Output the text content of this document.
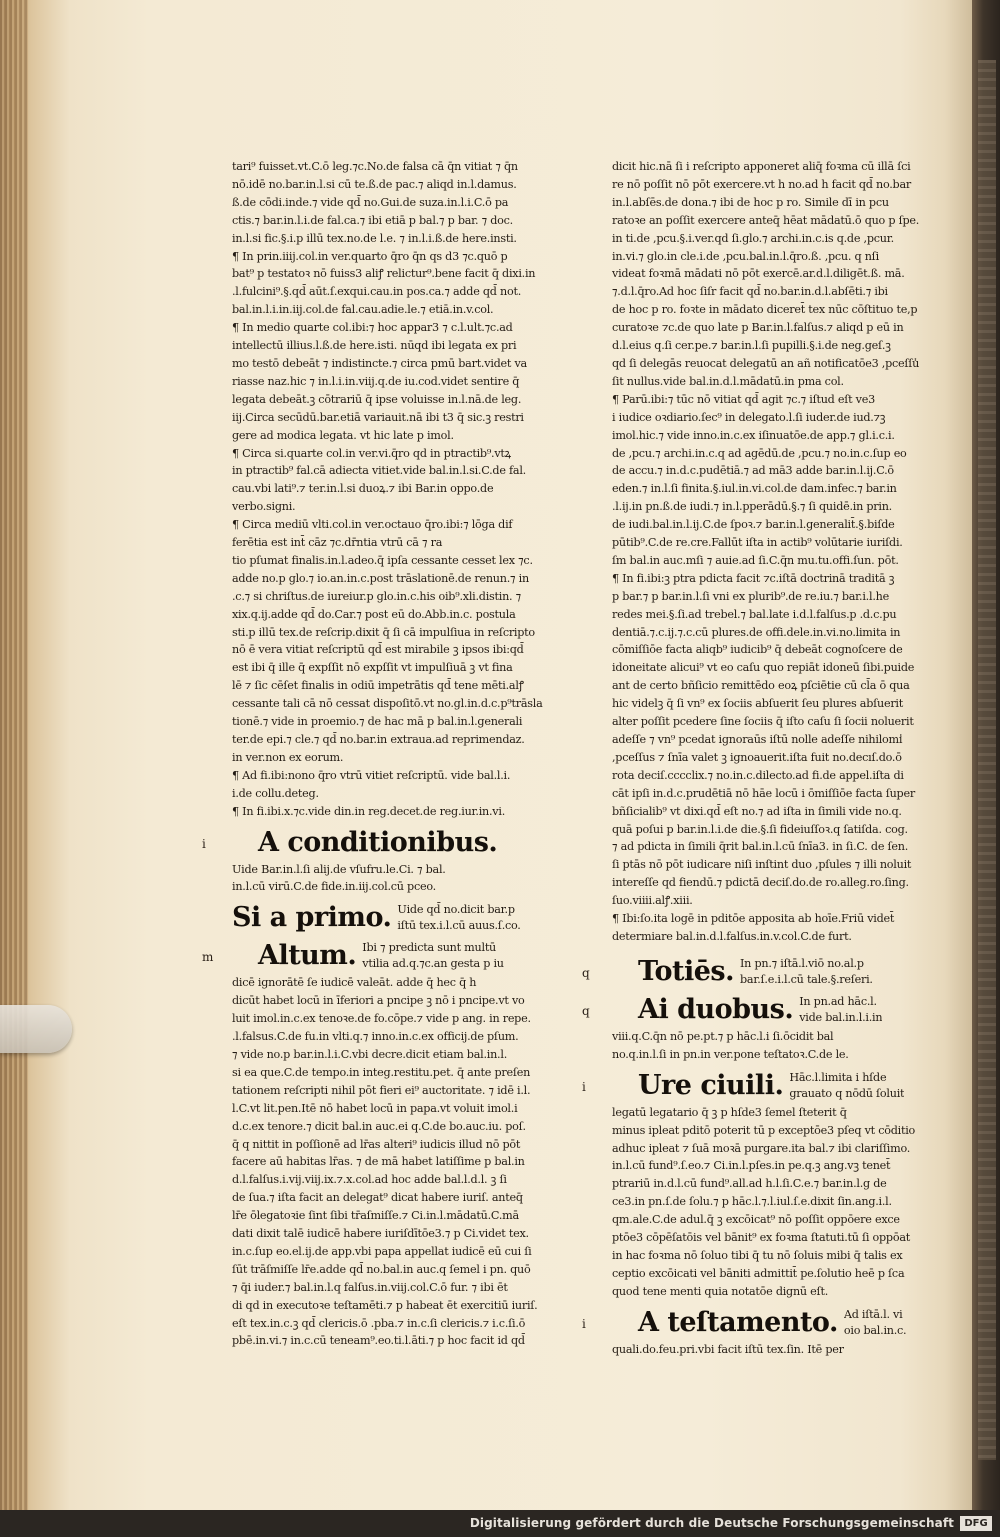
tari⁹ fuisset.vt.C.ō leg.⁊c.No.de falsa cā q̄n vitiat ⁊ q̄n
nō.idē no.bar.in.l.si cū te.ß.de pac.⁊ aliqd in.l.damus.
ß.de cōdi.inde.⁊ vide qd̄ no.Gui.de suza.in.l.i.C.ō pa
ctis.⁊ bar.in.l.i.de fal.ca.⁊ ibi etiā p bal.⁊ p bar. ⁊ doc.
in.l.si fic.§.i.p illū tex.no.de l.e. ⁊ in.l.i.ß.de here.insti.
¶ In prin.iiij.col.in ver.quarto q̄ro q̄n qs d3 ⁊c.quō p
bat⁹ p testatoꝛ nō fuiss3 aliꝭ relictur⁹.bene facit q̄ dixi.in
.l.fulcini⁹.§.qd̄ aūt.ſ.exqui.cau.in pos.ca.⁊ adde qd̄ not.
bal.in.l.i.in.iij.col.de fal.cau.adie.le.⁊ etiā.in.v.col.
¶ In medio quarte col.ibi:⁊ hoc appar3 ⁊ c.l.ult.⁊c.ad
intellectū illius.l.ß.de here.isti. nūqd ibi legata ex pri
mo testō debeāt ⁊ indistincte.⁊ circa pmū bart.videt va
riasse naz.hic ⁊ in.l.i.in.viij.q.de iu.cod.videt sentire q̄
legata debeāt.ꝫ cōtrariū q̄ ipse voluisse in.l.nā.de leg.
iij.Circa secūdū.bar.etiā variauit.nā ibi t3 q̄ sic.ꝫ restri
gere ad modica legata. vt hic late p imol.
¶ Circa si.quarte col.in ver.vi.q̄ro qd in ptractib⁹.vtꝝ
in ptractib⁹ fal.cā adiecta vitiet.vide bal.in.l.si.C.de fal.
cau.vbi lati⁹.⁊ ter.in.l.si duoꝝ.⁊ ibi Bar.in oppo.de
verbo.signi.
¶ Circa mediū vlti.col.in ver.octauo q̄ro.ibi:⁊ lōga dif
ferētia est int̄ cāz ⁊c.dr̄ntia vtrū cā ⁊ ra
tio pſumat finalis.in.l.adeo.q̄ ipſa cessante cesset lex ⁊c.
adde no.p glo.⁊ io.an.in.c.post trāslationē.de renun.⁊ in
.c.⁊ si chriſtus.de iureiur.p glo.in.c.his oib⁹.xli.distin. ⁊
xix.q.ij.adde qd̄ do.Car.⁊ post eū do.Abb.in.c. postula
sti.p illū tex.de reſcrip.dixit q̄ ſi cā impulſiua in reſcripto
nō ē vera vitiat reſcriptū qd̄ est mirabile ꝫ ipsos ibi:qd̄
est ibi q̄ ille q̄ expſſit nō expſſit vt impulſiuā ꝫ vt fina
lē ⁊ ſic cēſet finalis in odiū impetrātis qd̄ tene mēti.alꝭ
cessante tali cā nō cessat dispoſitō.vt no.gl.in.d.c.p⁹trāsla
tionē.⁊ vide in proemio.⁊ de hac mā p bal.in.l.generali
ter.de epi.⁊ cle.⁊ qd̄ no.bar.in extraua.ad reprimendaz.
in ver.non ex eorum.
¶ Ad fi.ibi:nono q̄ro vtrū vitiet reſcriptū. vide bal.l.i.
i.de collu.deteg.
¶ In fi.ibi.x.⁊c.vide din.in reg.decet.de reg.iur.in.vi.
i A conditionibus.
Uide Bar.in.l.ſi alij.de vſufru.le.Ci. ⁊ bal.
in.l.cū virū.C.de fide.in.iij.col.cū pceo.
Si a primo. Uide qd̄ no.dicit bar.p
iſtū tex.i.l.cū auus.ſ.co.
m Altum. Ibi ⁊ predicta sunt multū
vtilia ad.q.⁊c.an gesta p iu
dicē ignorātē ſe iudicē valeāt. adde q̄ hec q̄ h
dicūt habet locū in īferiori a pncipe ꝫ nō i pncipe.vt vo
luit imol.in.c.ex tenoꝛe.de fo.cōpe.⁊ vide p ang. in repe.
.l.falsus.C.de fu.in vlti.q.⁊ inno.in.c.ex officij.de pſum.
⁊ vide no.p bar.in.l.i.C.vbi decre.dicit etiam bal.in.l.
si ea que.C.de tempo.in integ.restitu.pet. q̄ ante preſen
tationem reſcripti nihil pōt fieri ei⁹ auctoritate. ⁊ idē i.l.
l.C.vt lit.pen.Itē nō habet locū in papa.vt voluit imol.i
d.c.ex tenore.⁊ dicit bal.in auc.ei q.C.de bo.auc.iu. poſ.
q̄ q nittit in poſſionē ad lr̄as alteri⁹ iudicis illud nō pōt
facere aū habitas lr̄as. ⁊ de mā habet latiſſime p bal.in
d.l.falſus.i.vij.viij.ix.⁊.x.col.ad hoc adde bal.l.d.l. ꝫ ſi
de ſua.⁊ iſta facit an delegat⁹ dicat habere iuriſ. anteq̄
lr̄e ōlegatoꝛie ſint ſibi tr̄aſmiſſe.⁊ Ci.in.l.mādatū.C.mā
dati dixit talē iudicē habere iuriſdītōe3.⁊ p Ci.videt tex.
in.c.ſup eo.el.ij.de app.vbi papa appellat iudicē eū cui ſi
ſūt trāſmiſſe lr̄e.adde qd̄ no.bal.in auc.q ſemel i pn. quō
⁊ q̄i iuder.⁊ bal.in.l.q falſus.in.viij.col.C.ō fur. ⁊ ibi ēt
di qd in executoꝛe teſtamēti.⁊ p habeat ēt exercitiū iuriſ.
eſt tex.in.c.ꝫ qd̄ clericis.ō .pba.⁊ in.c.ſi clericis.⁊ i.c.ſi.ō
pbē.in.vi.⁊ in.c.cū teneam⁹.eo.ti.l.āti.⁊ p hoc facit id qd̄
dicit hic.nā ſi i reſcripto apponeret aliq̄ foꝛma cū illā ſci
re nō poſſit nō pōt exercere.vt h no.ad h facit qd̄ no.bar
in.l.abſēs.de dona.⁊ ibi de hoc p ro. Simile dī in pcu
ratoꝛe an poſſit exercere anteq̄ hēat mādatū.ō quo p ſpe.
in ti.de ,pcu.§.i.ver.qd ſi.glo.⁊ archi.in.c.is q.de ,pcur.
in.vi.⁊ glo.in cle.i.de ,pcu.bal.in.l.q̄ro.ß. ,pcu. q nſi
videat foꝛmā mādati nō pōt exercē.ar.d.l.diligēt.ß. mā.
⁊.d.l.q̄ro.Ad hoc ſiſr facit qd̄ no.bar.in.d.l.abſēti.⁊ ibi
de hoc p ro. foꝛte in mādato diceret̄ tex nūc cōſtituo te,p
curatoꝛe ⁊c.de quo late p Bar.in.l.falſus.⁊ aliqd p eū in
d.l.eius q.ſi cer.pe.⁊ bar.in.l.ſi pupilli.§.i.de neg.geſ.ꝫ
qd ſi delegās reuocat delegatū an añ notificatōe3 ,pceſſu̾
ſit nullus.vide bal.in.d.l.mādatū.in pma col.
¶ Parū.ibi:⁊ tūc nō vitiat qd̄ agit ⁊c.⁊ iſtud eſt ve3
i iudice oꝛdiario.ſec⁹ in delegato.l.ſi iuder.de iud.⁊ꝫ
imol.hic.⁊ vide inno.in.c.ex iſinuatōe.de app.⁊ gl.i.c.i.
de ,pcu.⁊ archi.in.c.q ad agēdū.de ,pcu.⁊ no.in.c.ſup eo
de accu.⁊ in.d.c.pudētiā.⁊ ad mā3 adde bar.in.l.ij.C.ō
eden.⁊ in.l.ſi finita.§.iul.in.vi.col.de dam.infec.⁊ bar.in
.l.ij.in pn.ß.de iudi.⁊ in.l.pperādū.§.⁊ ſi quidē.in prin.
de iudi.bal.in.l.ij.C.de ſpoꝛ.⁊ bar.in.l.generalit̄.§.biſde
pūtib⁹.C.de re.cre.Fallūt iſta in actib⁹ volūtarie iuriſdi.
ſm bal.in auc.mſi ⁊ auie.ad ſi.C.q̄n mu.tu.offi.ſun. pōt.
¶ In fi.ibi:ꝫ ptra pdicta facit ⁊c.iſtā doctrinā traditā ꝫ
p bar.⁊ p bar.in.l.ſi vni ex plurib⁹.de re.iu.⁊ bar.i.l.he
redes mei.§.ſi.ad trebel.⁊ bal.late i.d.l.falſus.p .d.c.pu
dentiā.⁊.c.ij.⁊.c.cū plures.de offi.dele.in.vi.no.limita in
cōmiſſiōe facta aliqb⁹ iudicib⁹ q̄ debeāt cognoſcere de
idoneitate alicui⁹ vt eo caſu quo repiāt idoneū ſibi.puide
ant de certo bñſicio remittēdo eoꝝ pſciētie cū cl̄a ō qua
hic videlꝫ q̄ ſi vn⁹ ex ſociis abſuerit ſeu plures abſuerit
alter poſſit pcedere ſine ſociis q̄ iſto caſu ſi ſocii noluerit
adeſſe ⁊ vn⁹ pcedat ignoraūs iſtū nolle adeſſe nihilomi̾
,pceſſus ⁊ ſnīa valet ꝫ ignoauerit.iſta fuit no.decıſ.do.ō
rota deciſ.cccclix.⁊ no.in.c.dilecto.ad fi.de appel.iſta di
cāt ipſi in.d.c.prudētiā nō hāe locū i ōmiſſiōe facta ſuper
bñſicialib⁹ vt dixi.qd̄ eſt no.⁊ ad iſta in ſimili vide no.q.
quā poſui p bar.in.l.i.de die.§.ſi fideiuſſoꝛ.q ſatiſda. cog.
⁊ ad pdicta in ſimili q̄rit bal.in.l.cū ſnīa3. in ſi.C. de ſen.
ſi ptās nō pōt iudicare niſi inſtint duo ,pſules ⁊ illi noluit
intereſſe qd fiendū.⁊ pdictā deciſ.do.de ro.alleg.ro.ſing.
ſuo.viiii.alꝭ.xiii.
¶ Ibi:ſo.ita logē in pditōe apposita ab hoīe.Friū videt̄
determiare bal.in.d.l.falſus.in.v.col.C.de furt.
q Totiēs. In pn.⁊ iſtā.l.viō no.al.p
bar.ſ.e.i.l.cū tale.§.reſeri.
q Ai duobus. In pn.ad hāc.l.
vide bal.in.l.i.in
viii.q.C.q̄n nō pe.pt.⁊ p hāc.l.i ſi.ōcidit bal
no.q.in.l.ſi in pn.in ver.pone teſtatoꝛ.C.de le.
i Ure ciuili. Hāc.l.limita i hſde
grauato q nōdū ſoluit
legatū legatario q̄ ꝫ p hſde3 ſemel ſteterit q̄
minus ipleat pditō poterit tū p exceptōe3 pſeq vt cōditio
adhuc ipleat ⁊ ſuā moꝛā purgare.ita bal.⁊ ibi clariſſimo.
in.l.cū fund⁹.ſ.eo.⁊ Ci.in.l.pſes.in pe.q.ꝫ ang.vꝫ tenet̄
ptrariū in.d.l.cū fund⁹.all.ad h.l.ſi.C.e.⁊ bar.in.l.g de
ce3.in pn.ſ.de ſolu.⁊ p hāc.l.⁊.l.iul.ſ.e.dixit ſin.ang.i.l.
qm.ale.C.de adul.q̄ ꝫ excōicat⁹ nō poſſit oppōere exce
ptōe3 cōpēſatōis vel bānit⁹ ex foꝛma ſtatuti.tū ſi oppōat
in hac foꝛma nō ſoluo tibi q̄ tu nō ſoluis mibi q̄ talis ex
ceptio excōicati vel bāniti admittit̄ pe.ſolutio heē p ſca
quod tene menti quia notatōe dignū eſt.
i A teſtamento. Ad iſtā.l. vi
oio bal.in.c.
quali.do.feu.pri.vbi facit iſtū tex.ſin. Itē per
Digitalisierung gefördert durch die Deutsche Forschungsgemeinschaft	DFG
